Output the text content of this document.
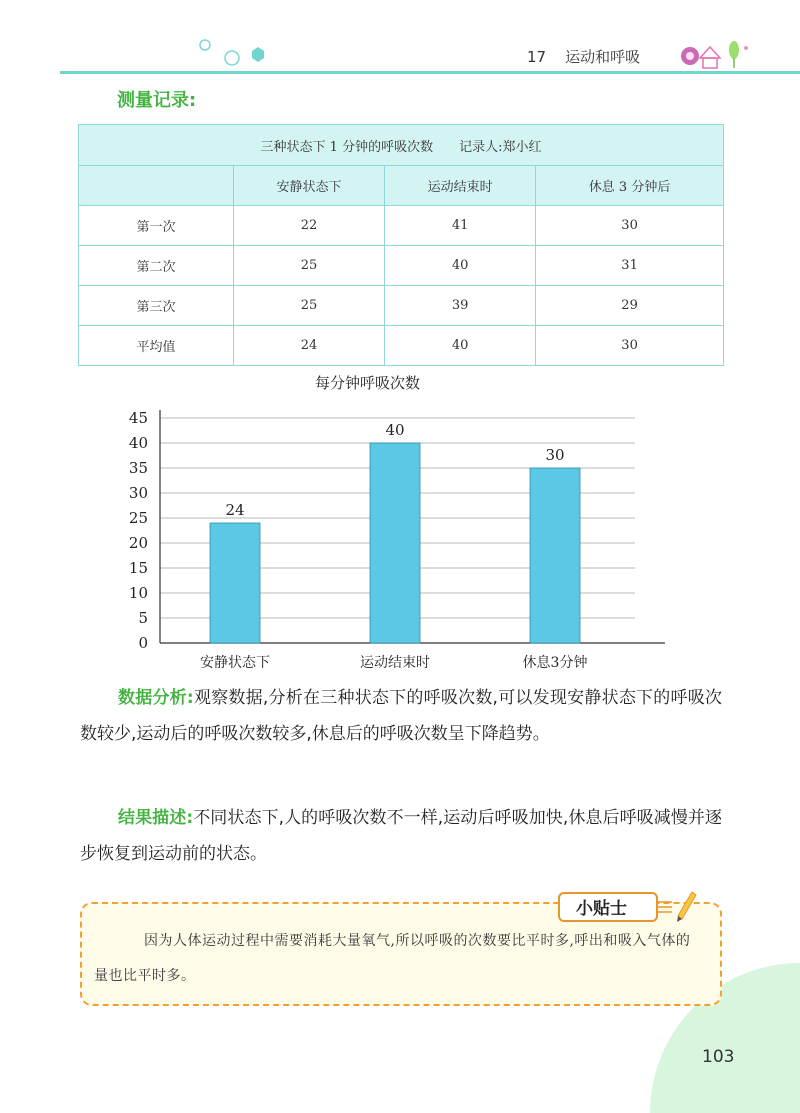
17 运动和呼吸
测量记录:
三种状态下 1 分钟的呼吸次数　　记录人:郑小红			
	安静状态下	运动结束时	休息 3 分钟后
第一次	22	41	30
第二次	25	40	31
第三次	25	39	29
平均值	24	40	30
每分钟呼吸次数
0
5
10
15
20
25
30
35
40
45
24
安静状态下
40
运动结束时
30
休息3分钟
数据分析:观察数据,分析在三种状态下的呼吸次数,可以发现安静状态下的呼吸次数较少,运动后的呼吸次数较多,休息后的呼吸次数呈下降趋势。
结果描述:不同状态下,人的呼吸次数不一样,运动后呼吸加快,休息后呼吸减慢并逐步恢复到运动前的状态。
因为人体运动过程中需要消耗大量氧气,所以呼吸的次数要比平时多,呼出和吸入气体的量也比平时多。
小贴士
103
